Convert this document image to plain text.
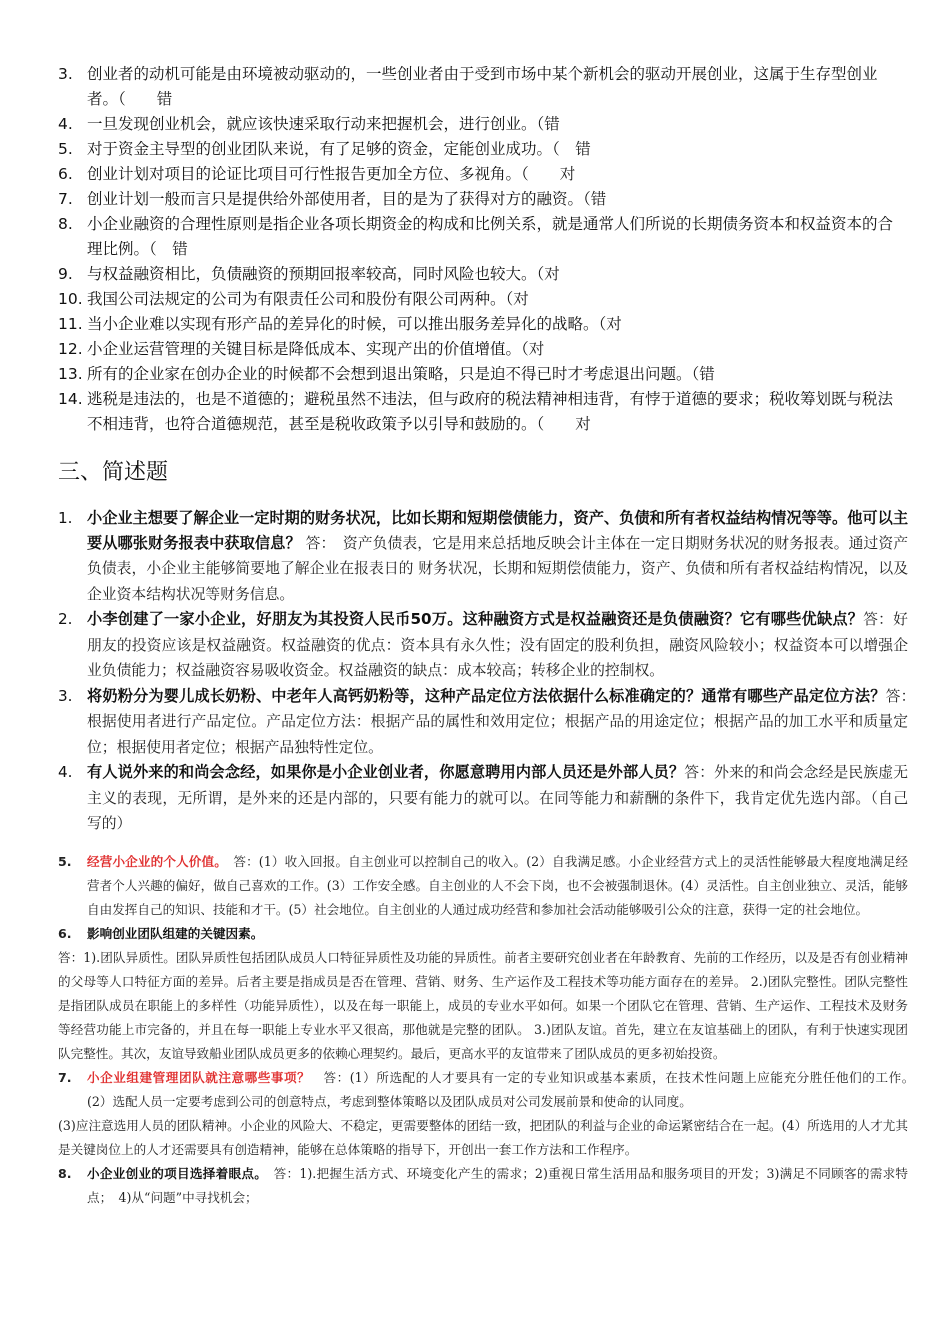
3. 创业者的动机可能是由环境被动驱动的，一些创业者由于受到市场中某个新机会的驱动开展创业，这属于生存型创业者。（　　 错
4. 一旦发现创业机会，就应该快速采取行动来把握机会，进行创业。（错
5. 对于资金主导型的创业团队来说，有了足够的资金，定能创业成功。（　 错
6. 创业计划对项目的论证比项目可行性报告更加全方位、多视角。（　　 对
7. 创业计划一般而言只是提供给外部使用者，目的是为了获得对方的融资。（错
8. 小企业融资的合理性原则是指企业各项长期资金的构成和比例关系，就是通常人们所说的长期债务资本和权益资本的合理比例。（　 错
9. 与权益融资相比，负债融资的预期回报率较高，同时风险也较大。（对
10. 我国公司法规定的公司为有限责任公司和股份有限公司两种。（对
11. 当小企业难以实现有形产品的差异化的时候，可以推出服务差异化的战略。（对
12. 小企业运营管理的关键目标是降低成本、实现产出的价值增值。（对
13. 所有的企业家在创办企业的时候都不会想到退出策略，只是迫不得已时才考虑退出问题。（错
14. 逃税是违法的，也是不道德的；避税虽然不违法，但与政府的税法精神相违背，有悖于道德的要求；税收筹划既与税法不相违背，也符合道德规范，甚至是税收政策予以引导和鼓励的。（　　 对
三、简述题
1. 小企业主想要了解企业一定时期的财务状况，比如长期和短期偿债能力，资产、负债和所有者权益结构情况等等。他可以主要从哪张财务报表中获取信息？ 答：　资产负债表，它是用来总括地反映会计主体在一定日期财务状况的财务报表。通过资产负债表，小企业主能够简要地了解企业在报表日的 财务状况，长期和短期偿债能力，资产、负债和所有者权益结构情况，以及企业资本结构状况等财务信息。
2. 小李创建了一家小企业，好朋友为其投资人民币50万。这种融资方式是权益融资还是负债融资？它有哪些优缺点？答：好朋友的投资应该是权益融资。权益融资的优点：资本具有永久性；没有固定的股利负担，融资风险较小；权益资本可以增强企业负债能力；权益融资容易吸收资金。权益融资的缺点：成本较高；转移企业的控制权。
3. 将奶粉分为婴儿成长奶粉、中老年人高钙奶粉等，这种产品定位方法依据什么标准确定的？通常有哪些产品定位方法？答：　根据使用者进行产品定位。产品定位方法：根据产品的属性和效用定位；根据产品的用途定位；根据产品的加工水平和质量定位；根据使用者定位；根据产品独特性定位。
4. 有人说外来的和尚会念经，如果你是小企业创业者，你愿意聘用内部人员还是外部人员？答：外来的和尚会念经是民族虚无主义的表现，无所谓，是外来的还是内部的，只要有能力的就可以。在同等能力和薪酬的条件下，我肯定优先选内部。（自己写的）
5.	经营小企业的个人价值。　 答：(1）收入回报。自主创业可以控制自己的收入。(2）自我满足感。小企业经营方式上的灵活性能够最大程度地满足经营者个人兴趣的偏好，做自己喜欢的工作。(3）工作安全感。自主创业的人不会下岗，也不会被强制退休。(4）灵活性。自主创业独立、灵活，能够自由发挥自己的知识、技能和才干。(5）社会地位。自主创业的人通过成功经营和参加社会活动能够吸引公众的注意，获得一定的社会地位。
6.	影响创业团队组建的关键因素。
答：1).团队异质性。团队异质性包括团队成员人口特征异质性及功能的异质性。前者主要研究创业者在年龄教育、先前的工作经历，以及是否有创业精神的父母等人口特征方面的差异。后者主要是指成员是否在管理、营销、财务、生产运作及工程技术等功能方面存在的差异。 2.)团队完整性。团队完整性是指团队成员在职能上的多样性（功能异质性），以及在每一职能上，成员的专业水平如何。如果一个团队它在管理、营销、生产运作、工程技术及财务等经营功能上市完备的，并且在每一职能上专业水平又很高，那他就是完整的团队。 3.)团队友谊。首先，建立在友谊基础上的团队，有利于快速实现团队完整性。其次，友谊导致船业团队成员更多的依赖心理契约。最后，更高水平的友谊带来了团队成员的更多初始投资。
7.	小企业组建管理团队就注意哪些事项？　 答：(1）所选配的人才要具有一定的专业知识或基本素质，在技术性问题上应能充分胜任他们的工作。　　(2）选配人员一定要考虑到公司的创意特点，考虑到整体策略以及团队成员对公司发展前景和使命的认同度。
(3)应注意选用人员的团队精神。小企业的风险大、不稳定，更需要整体的团结一致，把团队的利益与企业的命运紧密结合在一起。(4）所选用的人才尤其是关键岗位上的人才还需要具有创造精神，能够在总体策略的指导下，开创出一套工作方法和工作程序。
8.	小企业创业的项目选择着眼点。　 答：1).把握生活方式、环境变化产生的需求；2)重视日常生活用品和服务项目的开发；3)满足不同顾客的需求特点；　4)从“问题”中寻找机会；
